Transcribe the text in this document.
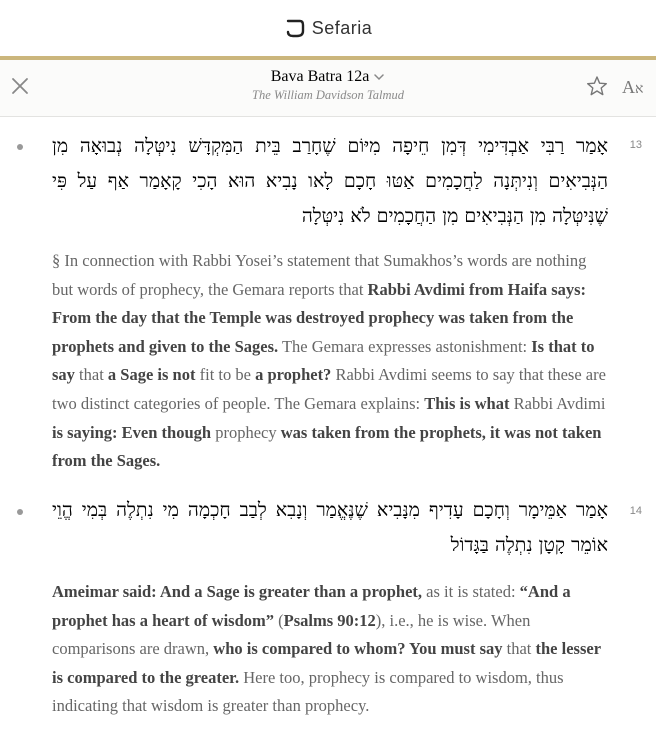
Sefaria
Bava Batra 12a
The William Davidson Talmud	Aא
13
אָמַר רַבִּי אַבְדִּימִי דְּמִן חֵיפָה מִיּוֹם שֶׁחָרַב בֵּית הַמִּקְדָּשׁ נִיטְּלָה נְבוּאָה מִן הַנְּבִיאִים וְנִיתְּנָה לַחֲכָמִים אַטּוּ חָכָם לָאו נָבִיא הוּא הָכִי קָאָמַר אַף עַל פִּי שֶׁנִּיטְּלָה מִן הַנְּבִיאִים מִן הַחֲכָמִים לֹא נִיטְּלָה
§ In connection with Rabbi Yosei’s statement that Sumakhos’s words are nothing but words of prophecy, the Gemara reports that Rabbi Avdimi from Haifa says: From the day that the Temple was destroyed prophecy was taken from the prophets and given to the Sages. The Gemara expresses astonishment: Is that to say that a Sage is not fit to be a prophet? Rabbi Avdimi seems to say that these are two distinct categories of people. The Gemara explains: This is what Rabbi Avdimi is saying: Even though prophecy was taken from the prophets, it was not taken from the Sages.
14
אָמַר אַמֵּימָר וְחָכָם עָדִיף מִנָּבִיא שֶׁנֶּאֱמַר וְנָבִא לְבַב חָכְמָה מִי נִתְלֶה בְּמִי הֱוֵי אוֹמֵר קָטָן נִתְלֶה בַּגָּדוֹל
Ameimar said: And a Sage is greater than a prophet, as it is stated: “And a prophet has a heart of wisdom” (Psalms 90:12), i.e., he is wise. When comparisons are drawn, who is compared to whom? You must say that the lesser is compared to the greater. Here too, prophecy is compared to wisdom, thus indicating that wisdom is greater than prophecy.
